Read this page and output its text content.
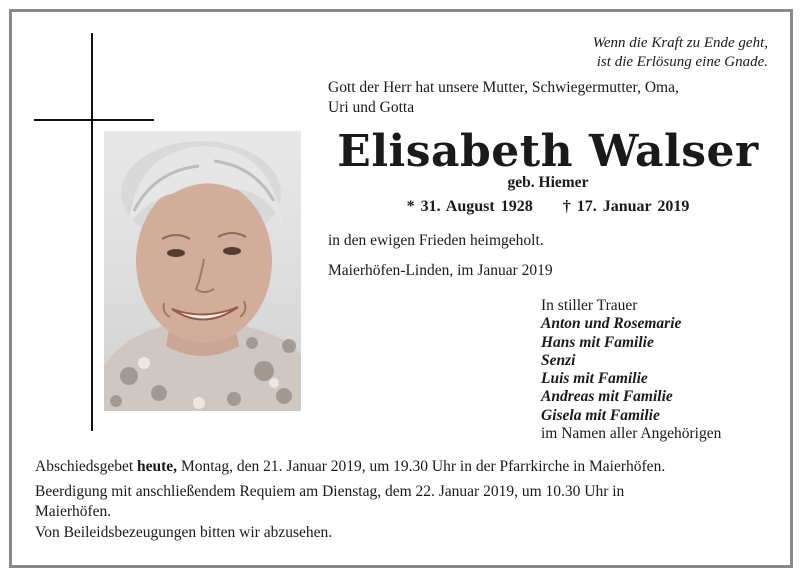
Wenn die Kraft zu Ende geht,
ist die Erlösung eine Gnade.
Gott der Herr hat unsere Mutter, Schwiegermutter, Oma,
Uri und Gotta
Elisabeth Walser
geb. Hiemer
* 31. August 1928 † 17. Januar 2019
in den ewigen Frieden heimgeholt.
Maierhöfen-Linden, im Januar 2019
In stiller Trauer
Anton und Rosemarie
Hans mit Familie
Senzi
Luis mit Familie
Andreas mit Familie
Gisela mit Familie
im Namen aller Angehörigen
Abschiedsgebet heute, Montag, den 21. Januar 2019, um 19.30 Uhr in der Pfarrkirche in Maierhöfen.
Beerdigung mit anschließendem Requiem am Dienstag, dem 22. Januar 2019, um 10.30 Uhr in
Maierhöfen.
Von Beileidsbezeugungen bitten wir abzusehen.
